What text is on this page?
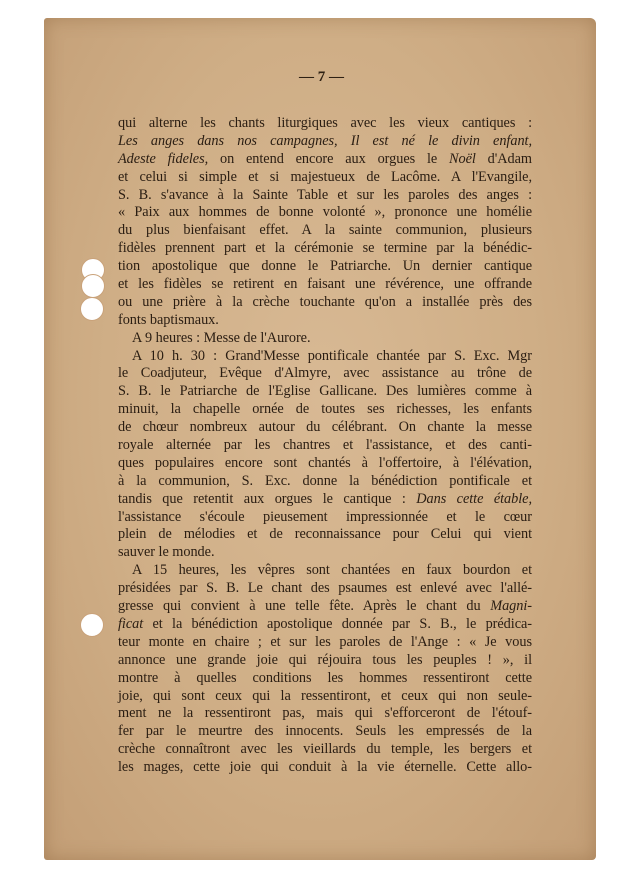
— 7 —
qui alterne les chants liturgiques avec les vieux cantiques :
Les anges dans nos campagnes, Il est né le divin enfant,
Adeste fideles, on entend encore aux orgues le Noël d'Adam
et celui si simple et si majestueux de Lacôme. A l'Evangile,
S. B. s'avance à la Sainte Table et sur les paroles des anges :
« Paix aux hommes de bonne volonté », prononce une homélie
du plus bienfaisant effet. A la sainte communion, plusieurs
fidèles prennent part et la cérémonie se termine par la bénédic-
tion apostolique que donne le Patriarche. Un dernier cantique
et les fidèles se retirent en faisant une révérence, une offrande
ou une prière à la crèche touchante qu'on a installée près des
fonts baptismaux.
A 9 heures : Messe de l'Aurore.
A 10 h. 30 : Grand'Messe pontificale chantée par S. Exc. Mgr
le Coadjuteur, Evêque d'Almyre, avec assistance au trône de
S. B. le Patriarche de l'Eglise Gallicane. Des lumières comme à
minuit, la chapelle ornée de toutes ses richesses, les enfants
de chœur nombreux autour du célébrant. On chante la messe
royale alternée par les chantres et l'assistance, et des canti-
ques populaires encore sont chantés à l'offertoire, à l'élévation,
à la communion, S. Exc. donne la bénédiction pontificale et
tandis que retentit aux orgues le cantique : Dans cette étable,
l'assistance s'écoule pieusement impressionnée et le cœur
plein de mélodies et de reconnaissance pour Celui qui vient
sauver le monde.
A 15 heures, les vêpres sont chantées en faux bourdon et
présidées par S. B. Le chant des psaumes est enlevé avec l'allé-
gresse qui convient à une telle fête. Après le chant du Magni-
ficat et la bénédiction apostolique donnée par S. B., le prédica-
teur monte en chaire ; et sur les paroles de l'Ange : « Je vous
annonce une grande joie qui réjouira tous les peuples ! », il
montre à quelles conditions les hommes ressentiront cette
joie, qui sont ceux qui la ressentiront, et ceux qui non seule-
ment ne la ressentiront pas, mais qui s'efforceront de l'étouf-
fer par le meurtre des innocents. Seuls les empressés de la
crèche connaîtront avec les vieillards du temple, les bergers et
les mages, cette joie qui conduit à la vie éternelle. Cette allo-
